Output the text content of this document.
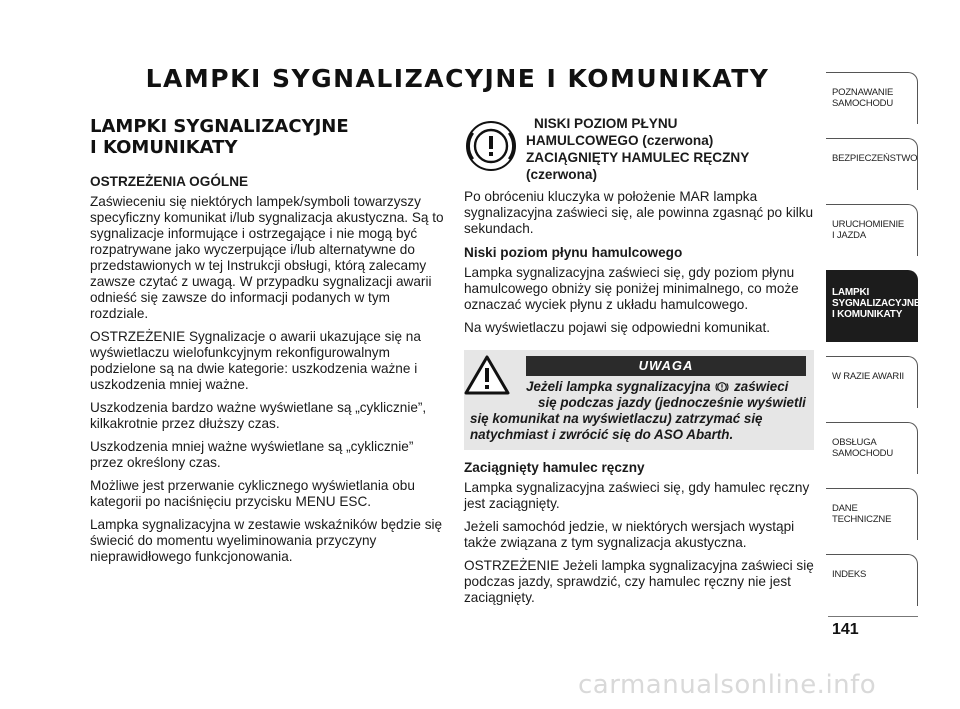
LAMPKI SYGNALIZACYJNE I KOMUNIKATY
LAMPKI SYGNALIZACYJNE
I KOMUNIKATY
OSTRZEŻENIA OGÓLNE

Zaświeceniu się niektórych lampek/symboli towarzyszy specyficzny komunikat i/lub sygnalizacja akustyczna. Są to sygnalizacje informujące i ostrzegające i nie mogą być rozpatrywane jako wyczerpujące i/lub alternatywne do przedstawionych w tej Instrukcji obsługi, którą zalecamy zawsze czytać z uwagą. W przypadku sygnalizacji awarii odnieść się zawsze do informacji podanych w tym rozdziale.

OSTRZEŻENIE Sygnalizacje o awarii ukazujące się na wyświetlaczu wielofunkcyjnym rekonfigurowalnym podzielone są na dwie kategorie: uszkodzenia ważne i uszkodzenia mniej ważne.

Uszkodzenia bardzo ważne wyświetlane są „cyklicznie”, kilkakrotnie przez dłuższy czas.

Uszkodzenia mniej ważne wyświetlane są „cyklicznie” przez określony czas.

Możliwe jest przerwanie cyklicznego wyświetlania obu kategorii po naciśnięciu przycisku MENU ESC.

Lampka sygnalizacyjna w zestawie wskaźników będzie się świecić do momentu wyeliminowania przyczyny nieprawidłowego funkcjonowania.

NISKI POZIOM PŁYNU
HAMULCOWEGO (czerwona)
ZACIĄGNIĘTY HAMULEC RĘCZNY
(czerwona)

Po obróceniu kluczyka w położenie MAR lampka sygnalizacyjna zaświeci się, ale powinna zgasnąć po kilku sekundach.

Niski poziom płynu hamulcowego

Lampka sygnalizacyjna zaświeci się, gdy poziom płynu hamulcowego obniży się poniżej minimalnego, co może oznaczać wyciek płynu z układu hamulcowego.

Na wyświetlaczu pojawi się odpowiedni komunikat.

UWAGA
Jeżeli lampka sygnalizacyjna zaświeci
się podczas jazdy (jednocześnie wyświetli
się komunikat na wyświetlaczu) zatrzymać się natychmiast i zwrócić się do ASO Abarth.
Zaciągnięty hamulec ręczny

Lampka sygnalizacyjna zaświeci się, gdy hamulec ręczny jest zaciągnięty.

Jeżeli samochód jedzie, w niektórych wersjach wystąpi także związana z tym sygnalizacja akustyczna.

OSTRZEŻENIE Jeżeli lampka sygnalizacyjna zaświeci się podczas jazdy, sprawdzić, czy hamulec ręczny nie jest zaciągnięty.

POZNAWANIE
SAMOCHODU
BEZPIECZEŃSTWO
URUCHOMIENIE
I JAZDA
LAMPKI
SYGNALIZACYJNE
I KOMUNIKATY
W RAZIE AWARII
OBSŁUGA
SAMOCHODU
DANE
TECHNICZNE
INDEKS
141
carmanualsonline.info
